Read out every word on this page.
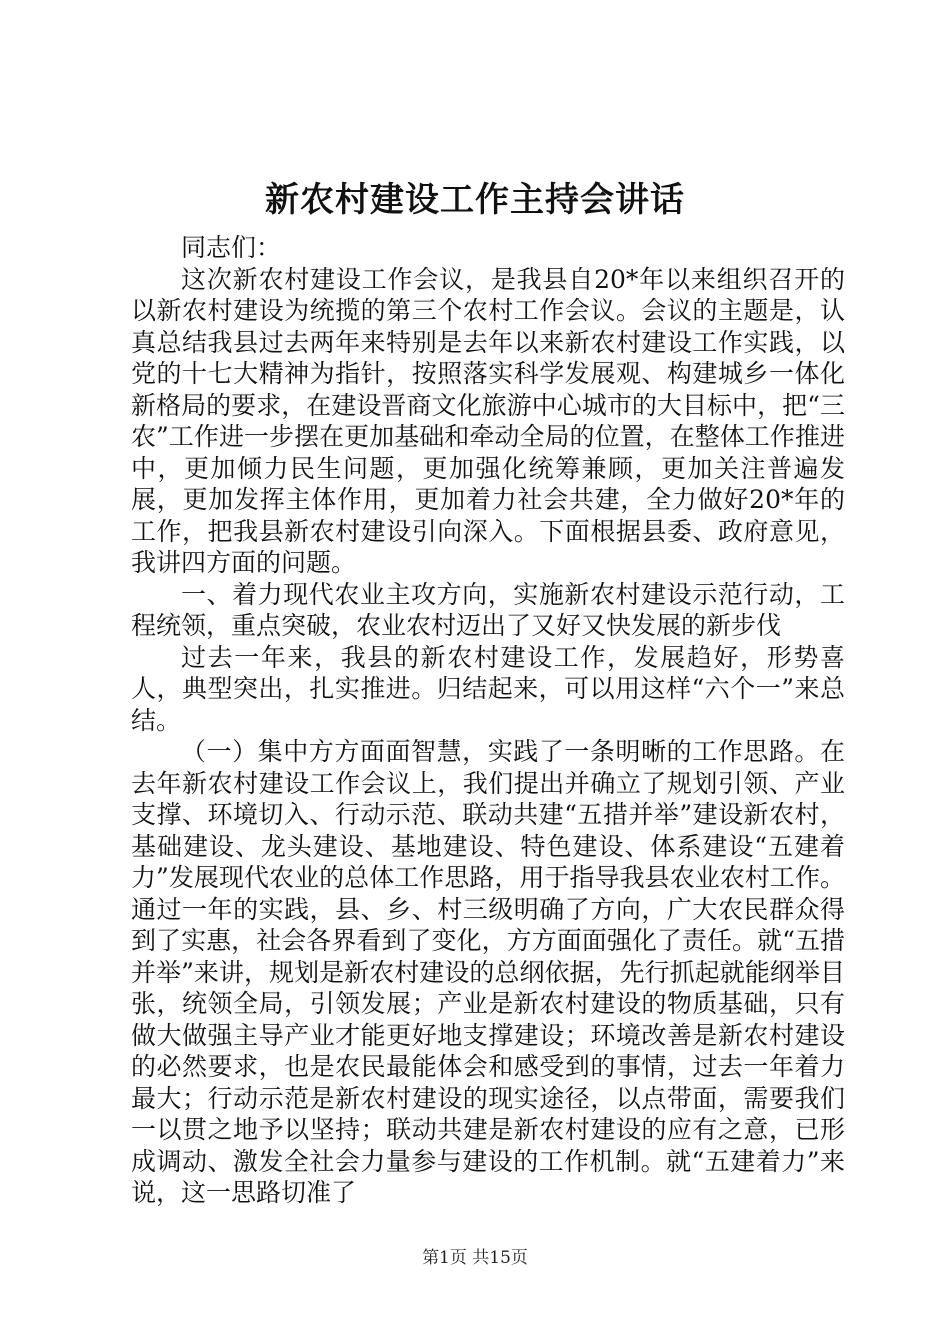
新农村建设工作主持会讲话

同志们：

这次新农村建设工作会议，是我县自20*年以来组织召开的以新农村建设为统揽的第三个农村工作会议。会议的主题是，认真总结我县过去两年来特别是去年以来新农村建设工作实践，以党的十七大精神为指针，按照落实科学发展观、构建城乡一体化新格局的要求，在建设晋商文化旅游中心城市的大目标中，把“三农”工作进一步摆在更加基础和牵动全局的位置，在整体工作推进中，更加倾力民生问题，更加强化统筹兼顾，更加关注普遍发展，更加发挥主体作用，更加着力社会共建，全力做好20*年的工作，把我县新农村建设引向深入。下面根据县委、政府意见，我讲四方面的问题。

一、着力现代农业主攻方向，实施新农村建设示范行动，工程统领，重点突破，农业农村迈出了又好又快发展的新步伐

过去一年来，我县的新农村建设工作，发展趋好，形势喜人，典型突出，扎实推进。归结起来，可以用这样“六个一”来总结。

（一）集中方方面面智慧，实践了一条明晰的工作思路。在去年新农村建设工作会议上，我们提出并确立了规划引领、产业支撑、环境切入、行动示范、联动共建“五措并举”建设新农村，基础建设、龙头建设、基地建设、特色建设、体系建设“五建着力”发展现代农业的总体工作思路，用于指导我县农业农村工作。通过一年的实践，县、乡、村三级明确了方向，广大农民群众得到了实惠，社会各界看到了变化，方方面面强化了责任。就“五措并举”来讲，规划是新农村建设的总纲依据，先行抓起就能纲举目张，统领全局，引领发展；产业是新农村建设的物质基础，只有做大做强主导产业才能更好地支撑建设；环境改善是新农村建设的必然要求，也是农民最能体会和感受到的事情，过去一年着力最大；行动示范是新农村建设的现实途径，以点带面，需要我们一以贯之地予以坚持；联动共建是新农村建设的应有之意，已形成调动、激发全社会力量参与建设的工作机制。就“五建着力”来说，这一思路切准了

第1页 共15页
